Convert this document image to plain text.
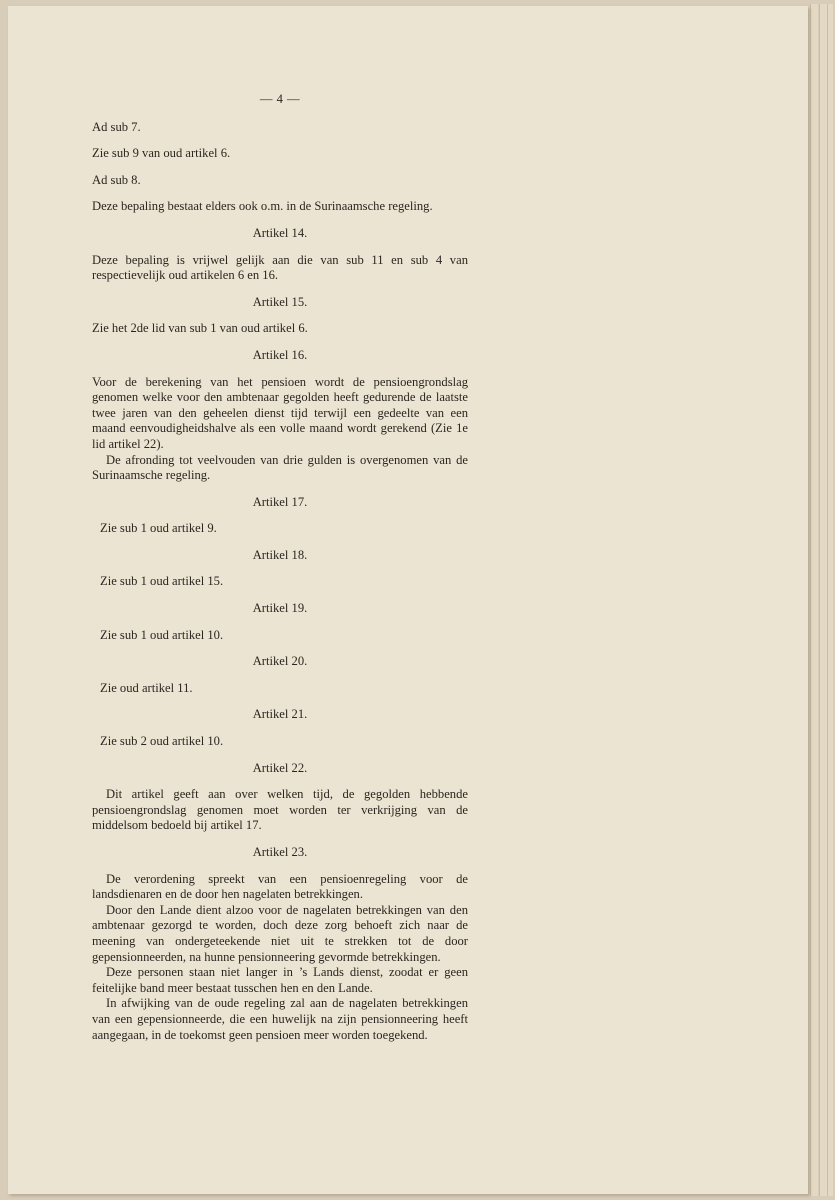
— 4 —

Ad sub 7.

Zie sub 9 van oud artikel 6.

Ad sub 8.

Deze bepaling bestaat elders ook o.m. in de Surinaamsche regeling.

Artikel 14.

Deze bepaling is vrijwel gelijk aan die van sub 11 en sub 4 van respectievelijk oud artikelen 6 en 16.

Artikel 15.

Zie het 2de lid van sub 1 van oud artikel 6.

Artikel 16.

Voor de berekening van het pensioen wordt de pensioengrondslag genomen welke voor den ambtenaar gegolden heeft gedurende de laatste twee jaren van den geheelen dienst tijd terwijl een gedeelte van een maand eenvoudigheidshalve als een volle maand wordt gerekend (Zie 1e lid artikel 22).

De afronding tot veelvouden van drie gulden is overgenomen van de Surinaamsche regeling.

Artikel 17.

Zie sub 1 oud artikel 9.

Artikel 18.

Zie sub 1 oud artikel 15.

Artikel 19.

Zie sub 1 oud artikel 10.

Artikel 20.

Zie oud artikel 11.

Artikel 21.

Zie sub 2 oud artikel 10.

Artikel 22.

Dit artikel geeft aan over welken tijd, de gegolden hebbende pensioengrondslag genomen moet worden ter verkrijging van de middelsom bedoeld bij artikel 17.

Artikel 23.

De verordening spreekt van een pensioenregeling voor de landsdienaren en de door hen nagelaten betrekkingen.

Door den Lande dient alzoo voor de nagelaten betrekkingen van den ambtenaar gezorgd te worden, doch deze zorg behoeft zich naar de meening van ondergeteekende niet uit te strekken tot de door gepensionneerden, na hunne pensionneering gevormde betrekkingen.

Deze personen staan niet langer in ’s Lands dienst, zoodat er geen feitelijke band meer bestaat tusschen hen en den Lande.

In afwijking van de oude regeling zal aan de nagelaten betrekkingen van een gepensionneerde, die een huwelijk na zijn pensionneering heeft aangegaan, in de toekomst geen pensioen meer worden toegekend.
